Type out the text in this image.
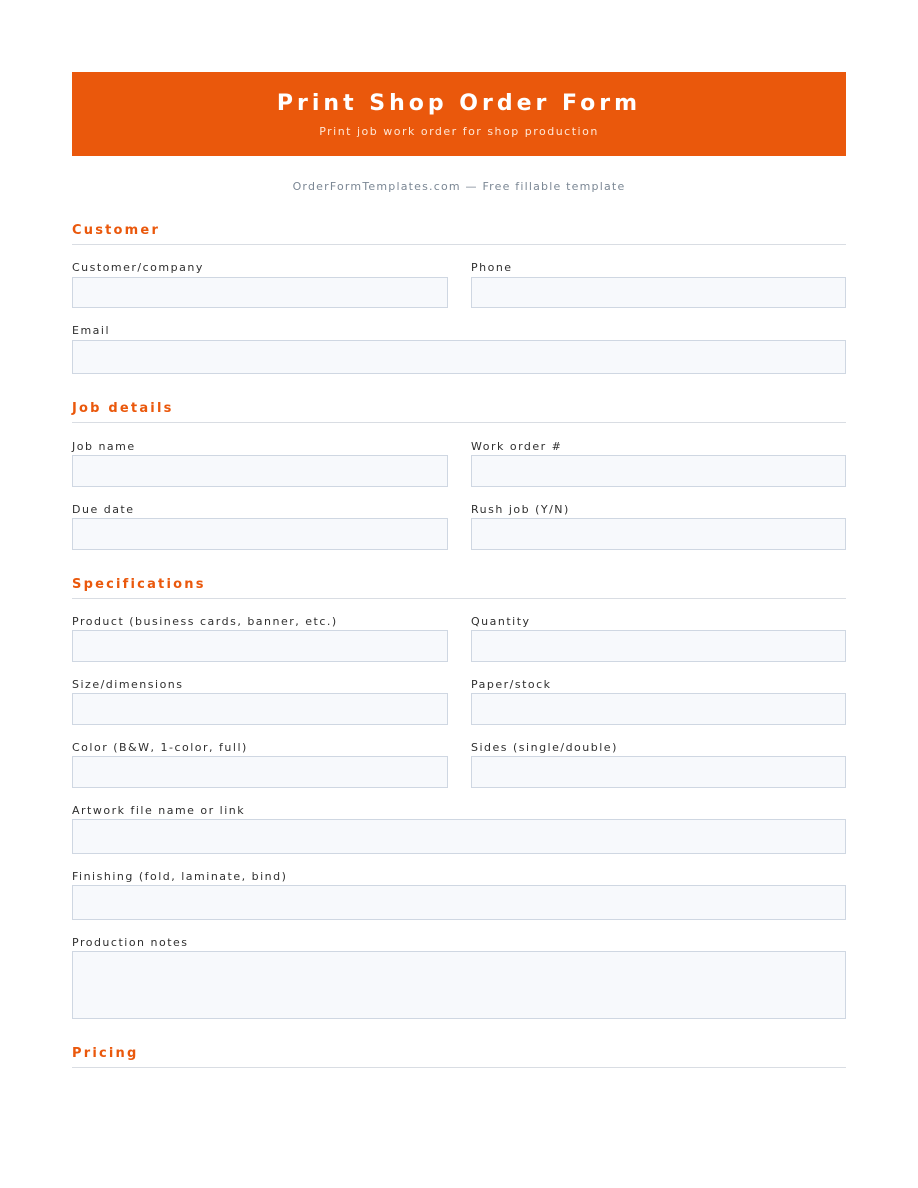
Print Shop Order Form
Print job work order for shop production
OrderFormTemplates.com — Free fillable template
Customer
Customer/company	Phone
Email
Job details
Job name	Work order #
Due date	Rush job (Y/N)
Specifications
Product (business cards, banner, etc.)	Quantity
Size/dimensions	Paper/stock
Color (B&W, 1-color, full)	Sides (single/double)
Artwork file name or link
Finishing (fold, laminate, bind)
Production notes
Pricing
